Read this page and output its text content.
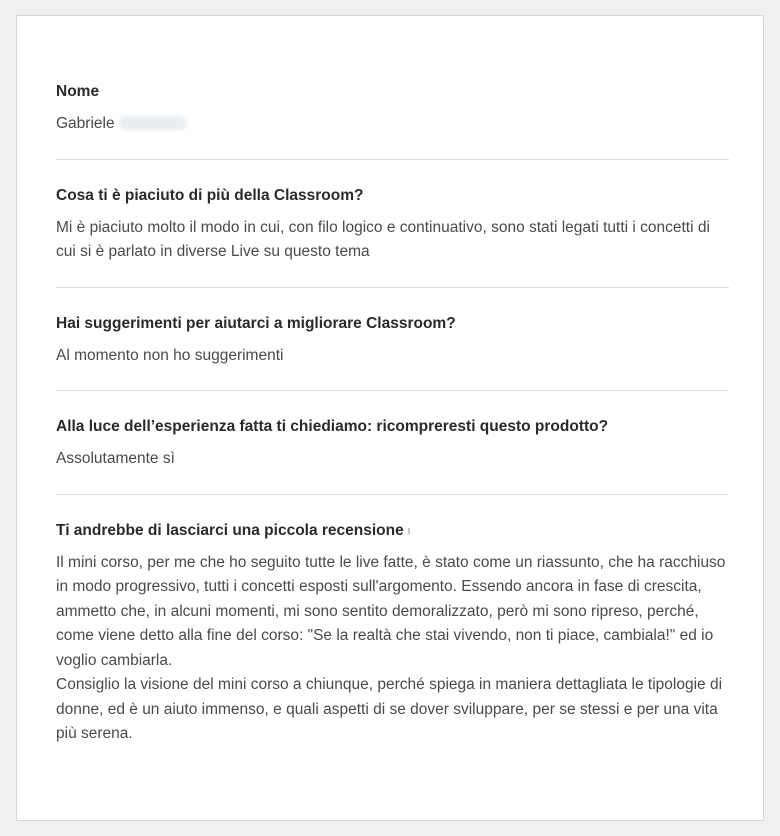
Nome
Gabriele
Cosa ti è piaciuto di più della Classroom?
Mi è piaciuto molto il modo in cui, con filo logico e continuativo, sono stati legati tutti i concetti di cui si è parlato in diverse Live su questo tema
Hai suggerimenti per aiutarci a migliorare Classroom?
Al momento non ho suggerimenti
Alla luce dell’esperienza fatta ti chiediamo: ricompreresti questo prodotto?
Assolutamente sì
Ti andrebbe di lasciarci una piccola recensione
Il mini corso, per me che ho seguito tutte le live fatte, è stato come un riassunto, che ha racchiuso in modo progressivo, tutti i concetti esposti sull'argomento. Essendo ancora in fase di crescita, ammetto che, in alcuni momenti, mi sono sentito demoralizzato, però mi sono ripreso, perché, come viene detto alla fine del corso: "Se la realtà che stai vivendo, non ti piace, cambiala!" ed io voglio cambiarla.
Consiglio la visione del mini corso a chiunque, perché spiega in maniera dettagliata le tipologie di donne, ed è un aiuto immenso, e quali aspetti di se dover sviluppare, per se stessi e per una vita più serena.
